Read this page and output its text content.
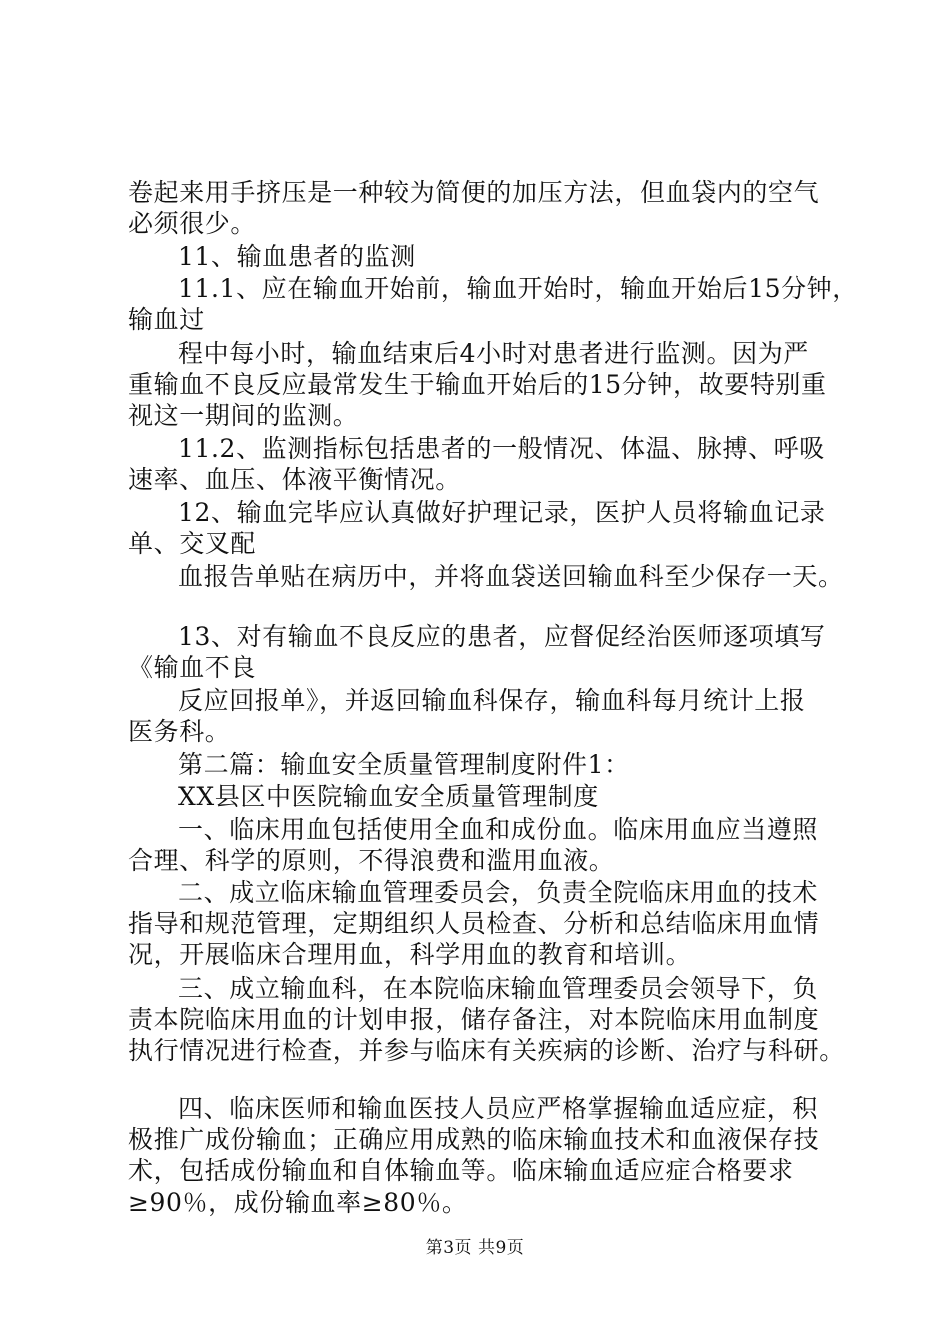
卷起来用手挤压是一种较为简便的加压方法，但血袋内的空气
必须很少。
11、输血患者的监测
11.1、应在输血开始前，输血开始时，输血开始后15分钟，
输血过
程中每小时，输血结束后4小时对患者进行监测。因为严
重输血不良反应最常发生于输血开始后的15分钟，故要特别重
视这一期间的监测。
11.2、监测指标包括患者的一般情况、体温、脉搏、呼吸
速率、血压、体液平衡情况。
12、输血完毕应认真做好护理记录，医护人员将输血记录
单、交叉配
血报告单贴在病历中，并将血袋送回输血科至少保存一天。
13、对有输血不良反应的患者，应督促经治医师逐项填写
《输血不良
反应回报单》，并返回输血科保存，输血科每月统计上报
医务科。
第二篇：输血安全质量管理制度附件1：
XX县区中医院输血安全质量管理制度
一、临床用血包括使用全血和成份血。临床用血应当遵照
合理、科学的原则，不得浪费和滥用血液。
二、成立临床输血管理委员会，负责全院临床用血的技术
指导和规范管理，定期组织人员检查、分析和总结临床用血情
况，开展临床合理用血，科学用血的教育和培训。
三、成立输血科，在本院临床输血管理委员会领导下，负
责本院临床用血的计划申报，储存备注，对本院临床用血制度
执行情况进行检查，并参与临床有关疾病的诊断、治疗与科研。
四、临床医师和输血医技人员应严格掌握输血适应症，积
极推广成份输血；正确应用成熟的临床输血技术和血液保存技
术，包括成份输血和自体输血等。临床输血适应症合格要求
≥90％，成份输血率≥80％。
第3页 共9页
